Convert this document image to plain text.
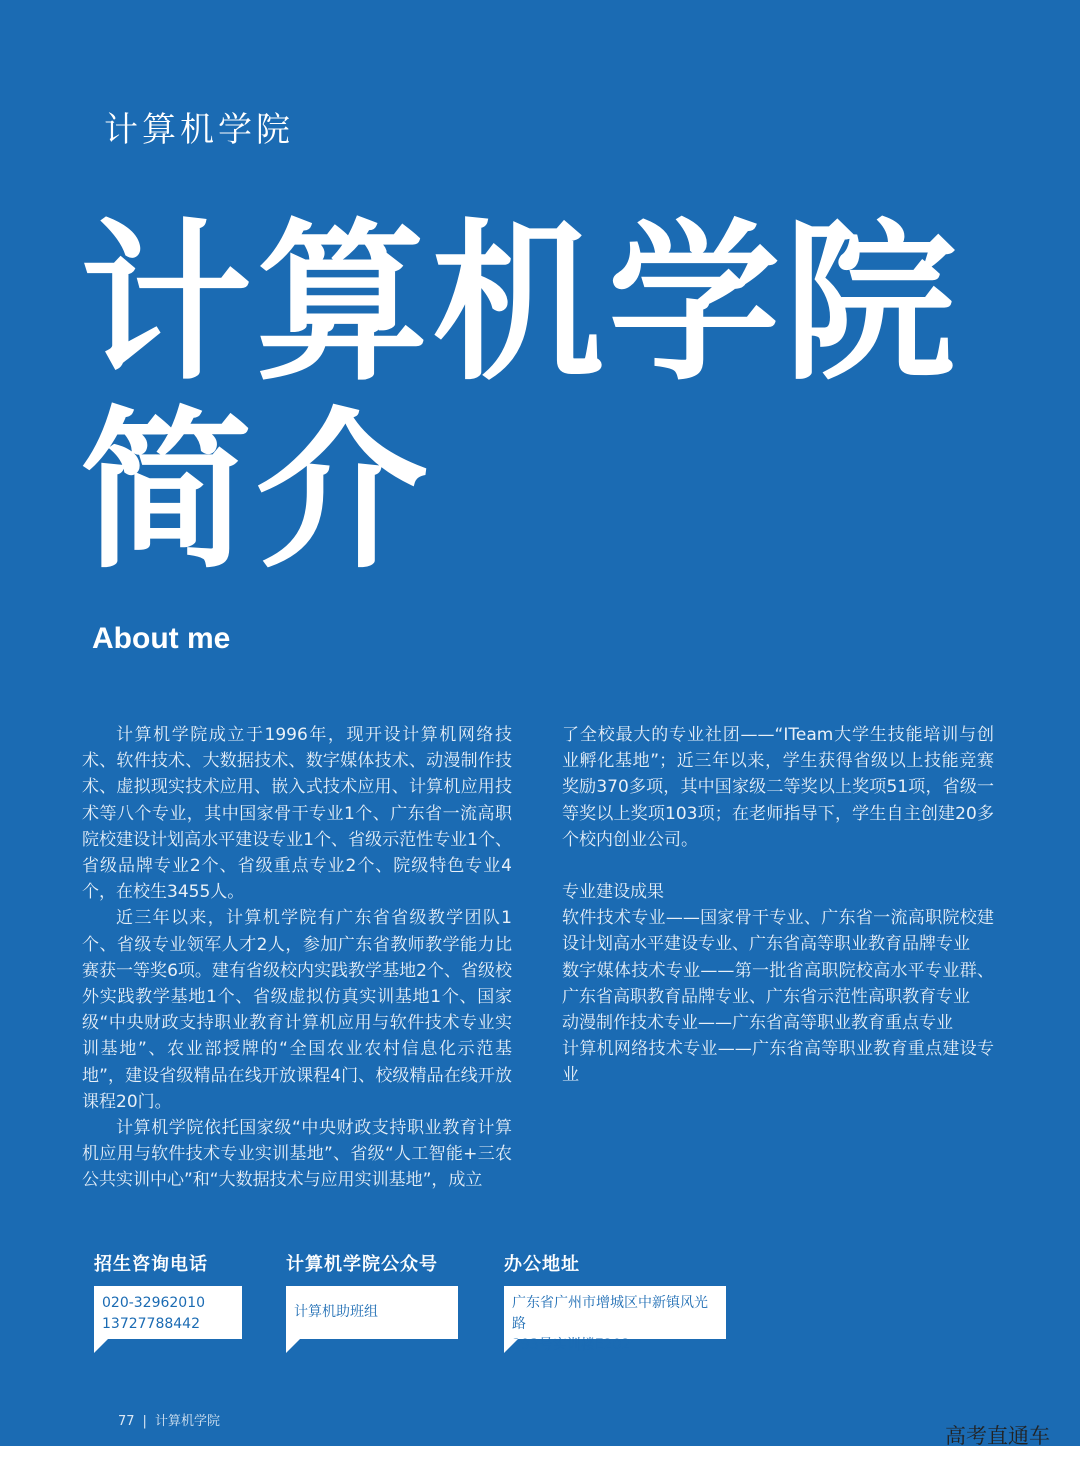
计算机学院
计算机学院
简介
About me

计算机学院成立于1996年，现开设计算机网络技术、软件技术、大数据技术、数字媒体技术、动漫制作技术、虚拟现实技术应用、嵌入式技术应用、计算机应用技术等八个专业，其中国家骨干专业1个、广东省一流高职院校建设计划高水平建设专业1个、省级示范性专业1个、省级品牌专业2个、省级重点专业2个、院级特色专业4个，在校生3455人。

近三年以来，计算机学院有广东省省级教学团队1个、省级专业领军人才2人，参加广东省教师教学能力比赛获一等奖6项。建有省级校内实践教学基地2个、省级校外实践教学基地1个、省级虚拟仿真实训基地1个、国家级“中央财政支持职业教育计算机应用与软件技术专业实训基地”、农业部授牌的“全国农业农村信息化示范基地”，建设省级精品在线开放课程4门、校级精品在线开放课程20门。

计算机学院依托国家级“中央财政支持职业教育计算机应用与软件技术专业实训基地”、省级“人工智能+三农公共实训中心”和“大数据技术与应用实训基地”，成立

了全校最大的专业社团——“ITeam大学生技能培训与创业孵化基地”；近三年以来，学生获得省级以上技能竞赛奖励370多项，其中国家级二等奖以上奖项51项，省级一等奖以上奖项103项；在老师指导下，学生自主创建20多个校内创业公司。

专业建设成果

软件技术专业——国家骨干专业、广东省一流高职院校建设计划高水平建设专业、广东省高等职业教育品牌专业

数字媒体技术专业——第一批省高职院校高水平专业群、广东省高职教育品牌专业、广东省示范性高职教育专业

动漫制作技术专业——广东省高等职业教育重点专业

计算机网络技术专业——广东省高等职业教育重点建设专业

招生咨询电话

020-32962010

13727788442

计算机学院公众号

计算机助班组

办公地址

广东省广州市增城区中新镇风光路

393号实训楼E202

77 | 计算机学院
高考直通车
